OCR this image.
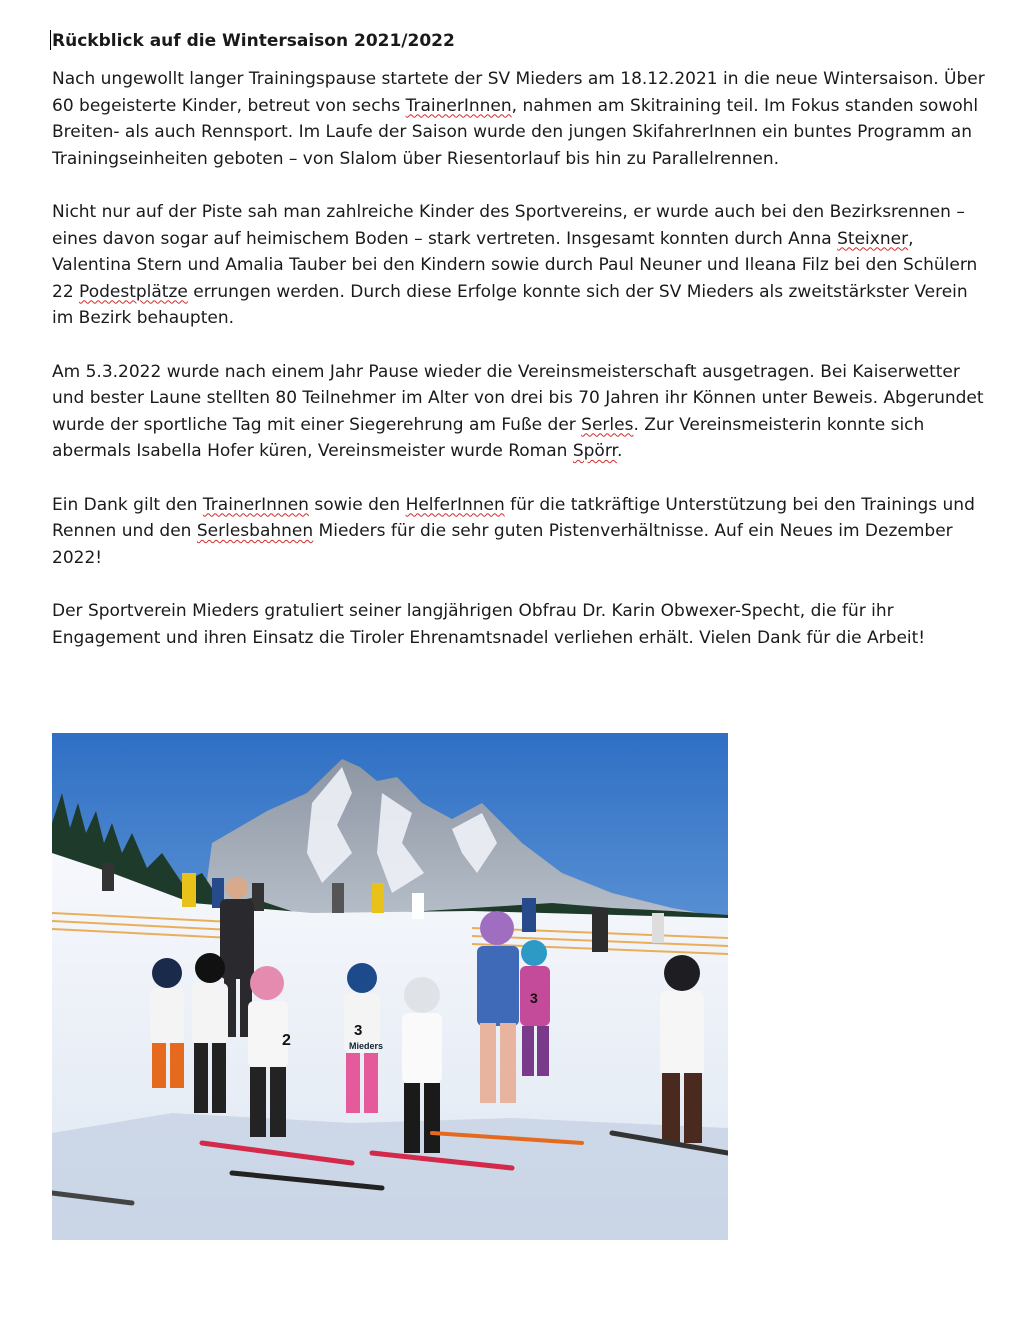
Rückblick auf die Wintersaison 2021/2022

Nach ungewollt langer Trainingspause startete der SV Mieders am 18.12.2021 in die neue Wintersaison. Über 60 begeisterte Kinder, betreut von sechs TrainerInnen, nahmen am Skitraining teil. Im Fokus standen sowohl Breiten- als auch Rennsport. Im Laufe der Saison wurde den jungen SkifahrerInnen ein buntes Programm an Trainingseinheiten geboten – von Slalom über Riesentorlauf bis hin zu Parallelrennen.

Nicht nur auf der Piste sah man zahlreiche Kinder des Sportvereins, er wurde auch bei den Bezirksrennen – eines davon sogar auf heimischem Boden – stark vertreten. Insgesamt konnten durch Anna Steixner, Valentina Stern und Amalia Tauber bei den Kindern sowie durch Paul Neuner und Ileana Filz bei den Schülern 22 Podestplätze errungen werden. Durch diese Erfolge konnte sich der SV Mieders als zweitstärkster Verein im Bezirk behaupten.

Am 5.3.2022 wurde nach einem Jahr Pause wieder die Vereinsmeisterschaft ausgetragen. Bei Kaiserwetter und bester Laune stellten 80 Teilnehmer im Alter von drei bis 70 Jahren ihr Können unter Beweis. Abgerundet wurde der sportliche Tag mit einer Siegerehrung am Fuße der Serles. Zur Vereinsmeisterin konnte sich abermals Isabella Hofer küren, Vereinsmeister wurde Roman Spörr.

Ein Dank gilt den TrainerInnen sowie den HelferInnen für die tatkräftige Unterstützung bei den Trainings und Rennen und den Serlesbahnen Mieders für die sehr guten Pistenverhältnisse. Auf ein Neues im Dezember 2022!

Der Sportverein Mieders gratuliert seiner langjährigen Obfrau Dr. Karin Obwexer-Specht, die für ihr Engagement und ihren Einsatz die Tiroler Ehrenamtsnadel verliehen erhält. Vielen Dank für die Arbeit!

2
3
Mieders
3
